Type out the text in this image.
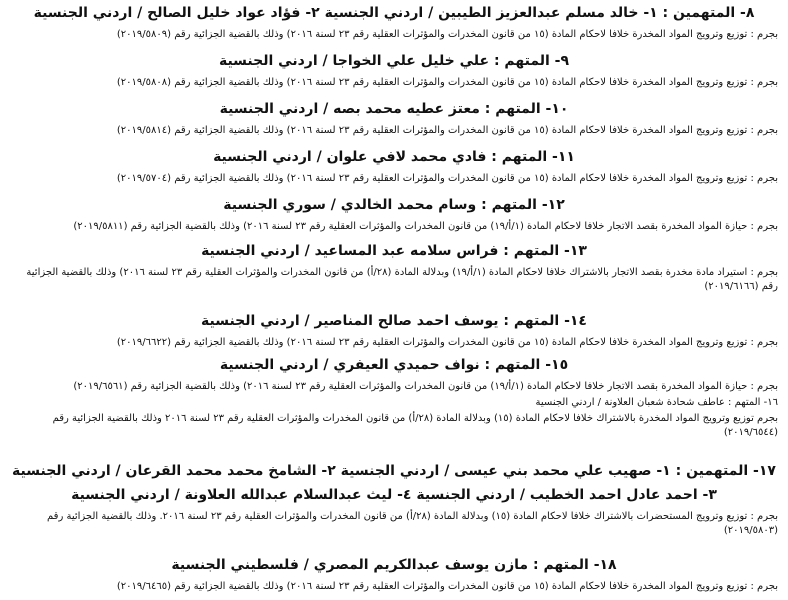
٨- المتهمين : ١- خالد مسلم عبدالعزيز الطيبين / اردني الجنسية ٢- فؤاد عواد خليل الصالح / اردني الجنسية
بجرم : توزيع وترويج المواد المخدرة خلافا لاحكام المادة (١٥ من قانون المخدرات والمؤثرات العقلية رقم ٢٣ لسنة ٢٠١٦) وذلك بالقضية الجزائية رقم (٢٠١٩/٥٨٠٩)
٩- المتهم : علي خليل علي الخواجا / اردني الجنسية
بجرم : توزيع وترويج المواد المخدرة خلافا لاحكام المادة (١٥ من قانون المخدرات والمؤثرات العقلية رقم ٢٣ لسنة ٢٠١٦) وذلك بالقضية الجزائية رقم (٢٠١٩/٥٨٠٨)
١٠- المتهم : معتز عطيه محمد بصه / اردني الجنسية
بجرم : توزيع وترويج المواد المخدرة خلافا لاحكام المادة (١٥ من قانون المخدرات والمؤثرات العقلية رقم ٢٣ لسنة ٢٠١٦) وذلك بالقضية الجزائية رقم (٢٠١٩/٥٨١٤)
١١- المتهم : فادي محمد لافي علوان / اردني الجنسية
بجرم : توزيع وترويج المواد المخدرة خلافا لاحكام المادة (١٥ من قانون المخدرات والمؤثرات العقلية رقم ٢٣ لسنة ٢٠١٦) وذلك بالقضية الجزائية رقم (٢٠١٩/٥٧٠٤)
١٢- المتهم : وسام محمد الخالدي / سوري الجنسية
بجرم : حيازة المواد المخدرة بقصد الاتجار خلافا لاحكام المادة (١/أ/١٩) من قانون المخدرات والمؤثرات العقلية رقم ٢٣ لسنة ٢٠١٦) وذلك بالقضية الجزائية رقم (٢٠١٩/٥٨١١)
١٣- المتهم : فراس سلامه عبد المساعيد / اردني الجنسية
بجرم : استيراد مادة مخدرة بقصد الاتجار بالاشتراك خلافا لاحكام المادة (١/أ/١٩) وبدلالة المادة (٢٨/أ) من قانون المخدرات والمؤثرات العقلية رقم ٢٣ لسنة ٢٠١٦) وذلك بالقضية الجزائية رقم (٢٠١٩/٦١٦٦)
١٤- المتهم : يوسف احمد صالح المناصير / اردني الجنسية
بجرم : توزيع وترويج المواد المخدرة خلافا لاحكام المادة (١٥ من قانون المخدرات والمؤثرات العقلية رقم ٢٣ لسنة ٢٠١٦) وذلك بالقضية الجزائية رقم (٢٠١٩/٦٦٢٢)
١٥- المتهم : نواف حميدي العيفري / اردني الجنسية
بجرم : حيازة المواد المخدرة بقصد الاتجار خلافا لاحكام المادة (١/أ/١٩) من قانون المخدرات والمؤثرات العقلية رقم ٢٣ لسنة ٢٠١٦) وذلك بالقضية الجزائية رقم (٢٠١٩/٦٥٦١)
١٦- المتهم : عاطف شحادة شعبان العلاونة / اردني الجنسية
بجرم توزيع وترويج المواد المخدرة بالاشتراك خلافا لاحكام المادة (١٥) وبدلالة المادة (٢٨/أ) من قانون المخدرات والمؤثرات العقلية رقم ٢٣ لسنة ٢٠١٦ وذلك بالقضية الجزائية رقم (٢٠١٩/٦٥٤٤)
١٧- المتهمين : ١- صهيب علي محمد بني عيسى / اردني الجنسية ٢- الشامخ محمد محمد القرعان / اردني الجنسية
٣- احمد عادل احمد الخطيب / اردني الجنسية ٤- ليث عبدالسلام عبدالله العلاونة / اردني الجنسية
بجرم : توزيع وترويج المستحضرات بالاشتراك خلافا لاحكام المادة (١٥) وبدلالة المادة (٢٨/أ) من قانون المخدرات والمؤثرات العقلية رقم ٢٣ لسنة ٢٠١٦. وذلك بالقضية الجزائية رقم (٢٠١٩/٥٨٠٣)
١٨- المتهم : مازن يوسف عبدالكريم المصري / فلسطيني الجنسية
بجرم : توزيع وترويج المواد المخدرة خلافا لاحكام المادة (١٥ من قانون المخدرات والمؤثرات العقلية رقم ٢٣ لسنة ٢٠١٦) وذلك بالقضية الجزائية رقم (٢٠١٩/٦٤٦٥)
